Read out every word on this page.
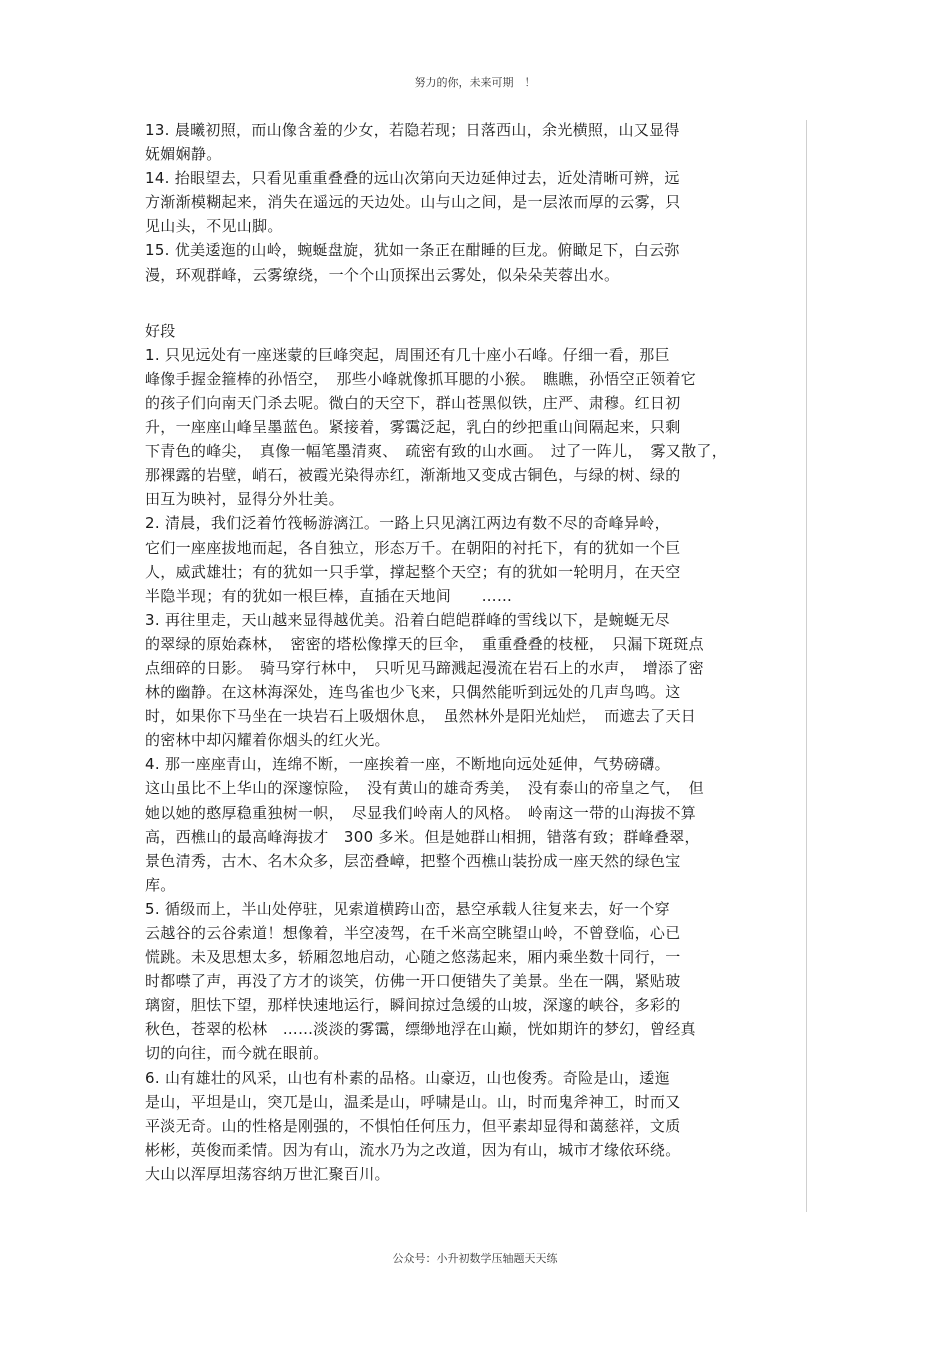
努力的你，未来可期　！
13. 晨曦初照，而山像含羞的少女，若隐若现；日落西山，余光横照，山又显得
妩媚娴静。
14. 抬眼望去，只看见重重叠叠的远山次第向天边延伸过去，近处清晰可辨，远
方渐渐模糊起来，消失在遥远的天边处。山与山之间，是一层浓而厚的云雾，只
见山头，不见山脚。
15. 优美逶迤的山岭，蜿蜒盘旋，犹如一条正在酣睡的巨龙。俯瞰足下，白云弥
漫，环观群峰，云雾缭绕，一个个山顶探出云雾处，似朵朵芙蓉出水。
好段
1. 只见远处有一座迷蒙的巨峰突起，周围还有几十座小石峰。仔细一看，那巨
峰像手握金箍棒的孙悟空，　那些小峰就像抓耳腮的小猴。　瞧瞧，孙悟空正领着它
的孩子们向南天门杀去呢。微白的天空下，群山苍黑似铁，庄严、肃穆。红日初
升，一座座山峰呈墨蓝色。紧接着，雾霭泛起，乳白的纱把重山间隔起来，只剩
下青色的峰尖，　真像一幅笔墨清爽、　疏密有致的山水画。　过了一阵儿，　雾又散了，
那裸露的岩壁，峭石，被霞光染得赤红，渐渐地又变成古铜色，与绿的树、绿的
田互为映衬，显得分外壮美。
2. 清晨，我们泛着竹筏畅游漓江。一路上只见漓江两边有数不尽的奇峰异岭，
它们一座座拔地而起，各自独立，形态万千。在朝阳的衬托下，有的犹如一个巨
人，威武雄壮；有的犹如一只手掌，撑起整个天空；有的犹如一轮明月，在天空
半隐半现；有的犹如一根巨棒，直插在天地间　　……
3. 再往里走，天山越来显得越优美。沿着白皑皑群峰的雪线以下，是蜿蜒无尽
的翠绿的原始森林，　密密的塔松像撑天的巨伞，　重重叠叠的枝桠，　只漏下斑斑点
点细碎的日影。　骑马穿行林中，　只听见马蹄溅起漫流在岩石上的水声，　增添了密
林的幽静。在这林海深处，连鸟雀也少飞来，只偶然能听到远处的几声鸟鸣。这
时，如果你下马坐在一块岩石上吸烟休息，　虽然林外是阳光灿烂，　而遮去了天日
的密林中却闪耀着你烟头的红火光。
4. 那一座座青山，连绵不断，一座挨着一座，不断地向远处延伸，气势磅礴。
这山虽比不上华山的深邃惊险，　没有黄山的雄奇秀美，　没有泰山的帝皇之气，　但
她以她的憨厚稳重独树一帜，　尽显我们岭南人的风格。　岭南这一带的山海拔不算
高，西樵山的最高峰海拔才　300 多米。但是她群山相拥，错落有致；群峰叠翠，
景色清秀，古木、名木众多，层峦叠嶂，把整个西樵山装扮成一座天然的绿色宝
库。
5. 循级而上，半山处停驻，见索道横跨山峦，悬空承载人往复来去，好一个穿
云越谷的云谷索道！想像着，半空凌驾，在千米高空眺望山岭，不曾登临，心已
慌跳。未及思想太多，轿厢忽地启动，心随之悠荡起来，厢内乘坐数十同行，一
时都噤了声，再没了方才的谈笑，仿佛一开口便错失了美景。坐在一隅，紧贴玻
璃窗，胆怯下望，那样快速地运行，瞬间掠过急缓的山坡，深邃的峡谷，多彩的
秋色，苍翠的松林　……淡淡的雾霭，缥缈地浮在山巅，恍如期许的梦幻，曾经真
切的向往，而今就在眼前。
6. 山有雄壮的风采，山也有朴素的品格。山豪迈，山也俊秀。奇险是山，逶迤
是山，平坦是山，突兀是山，温柔是山，呼啸是山。山，时而鬼斧神工，时而又
平淡无奇。山的性格是刚强的，不惧怕任何压力，但平素却显得和蔼慈祥，文质
彬彬，英俊而柔情。因为有山，流水乃为之改道，因为有山，城市才缘依环绕。
大山以浑厚坦荡容纳万世汇聚百川。
公众号：小升初数学压轴题天天练
